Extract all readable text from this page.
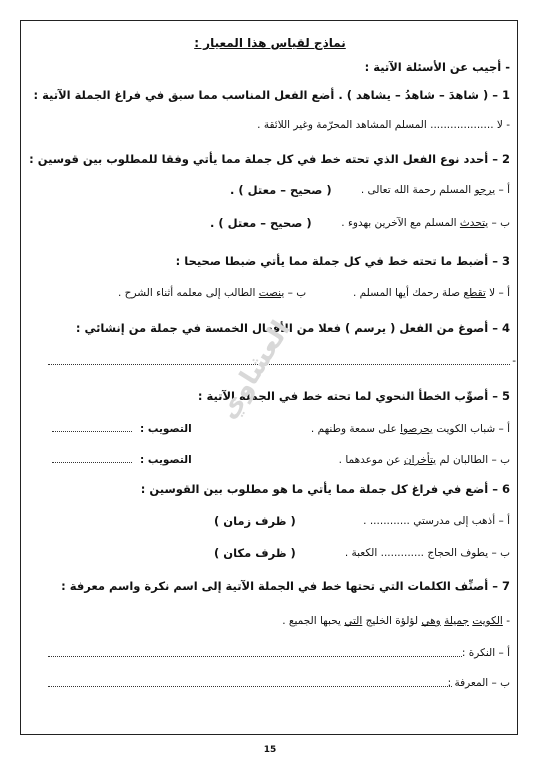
نماذج لقياس هذا المعيار :
- أجيب عن الأسئلة الآتية :
1 – ( شاهدَ – شاهدُ – يشاهد ) . أضع الفعل المناسب مما سبق في فراغ الجملة الآتية :
- لا ................... المسلم المشاهد المحرّمة وغير اللائقة .
2 – أحدد نوع الفعل الذي تحته خط في كل جملة مما يأتي وفقا للمطلوب بين قوسين :
أ – يرجو المسلم رحمة الله تعالى .
( صحيح – معتل ) .
ب – يتحدث المسلم مع الآخرين بهدوء .
( صحيح – معتل ) .
3 – أضبط ما تحته خط في كل جملة مما يأتي ضبطا صحيحا :
أ – لا تقطع صلة رحمك أيها المسلم .
ب – ينصت الطالب إلى معلمه أثناء الشرح .
4 – أصوغ من الفعل ( يرسم ) فعلا من الأفعال الخمسة في جملة من إنشائي :
-
5 – أصوِّب الخطأ النحوي لما تحته خط في الجملة الآتية :
أ – شباب الكويت يحرصوا على سمعة وطنهم .
التصويب :
ب – الطالبان لم يتأخران عن موعدهما .
التصويب :
6 – أضع في فراغ كل جملة مما يأتي ما هو مطلوب بين القوسين :
أ – أذهب إلى مدرستي ............ .
( ظرف زمان )
ب – يطوف الحجاج ............. الكعبة .
( ظرف مكان )
7 – أصنِّف الكلمات التي تحتها خط في الجملة الآتية إلى اسم نكرة واسم معرفة :
- الكويت جميلة وهي لؤلؤة الخليج التي يحبها الجميع .
أ – النكرة :
ب – المعرفة :
العشاوي
15
